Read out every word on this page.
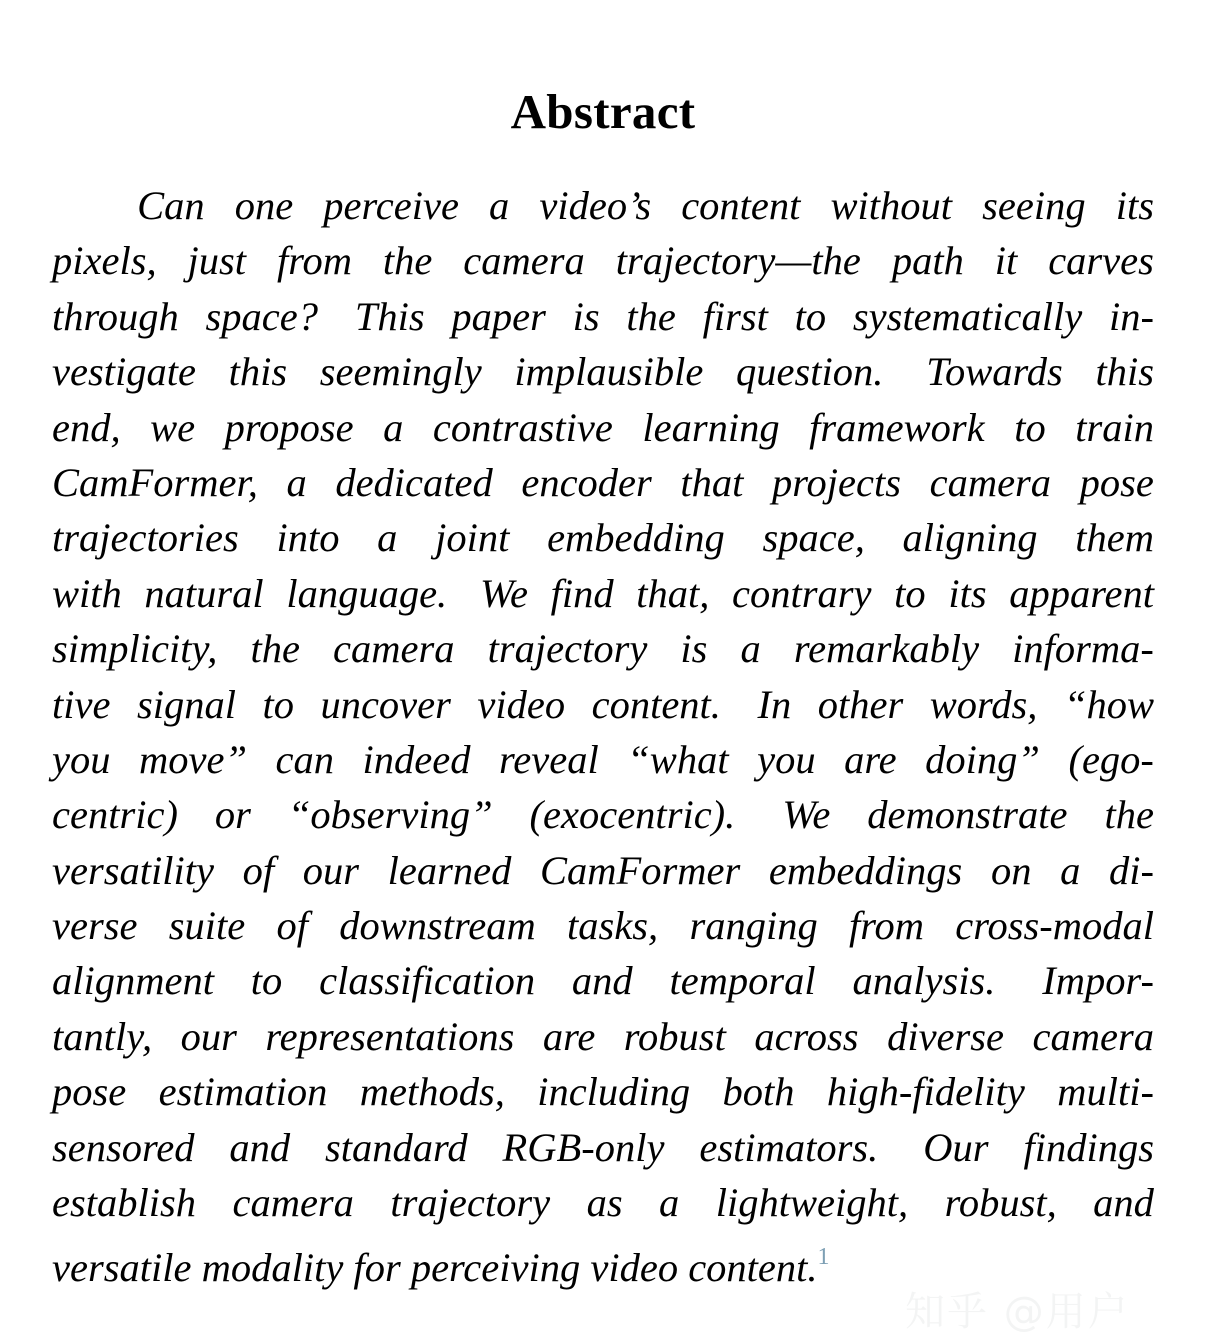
Abstract
Can one perceive a video’s content without seeing its
pixels, just from the camera trajectory—the path it carves
through space? This paper is the first to systematically in-
vestigate this seemingly implausible question. Towards this
end, we propose a contrastive learning framework to train
CamFormer, a dedicated encoder that projects camera pose
trajectories into a joint embedding space, aligning them
with natural language. We find that, contrary to its apparent
simplicity, the camera trajectory is a remarkably informa-
tive signal to uncover video content. In other words, “how
you move” can indeed reveal “what you are doing” (ego-
centric) or “observing” (exocentric). We demonstrate the
versatility of our learned CamFormer embeddings on a di-
verse suite of downstream tasks, ranging from cross-modal
alignment to classification and temporal analysis. Impor-
tantly, our representations are robust across diverse camera
pose estimation methods, including both high-fidelity multi-
sensored and standard RGB-only estimators. Our findings
establish camera trajectory as a lightweight, robust, and
versatile modality for perceiving video content.$^1$
知乎 @用户
